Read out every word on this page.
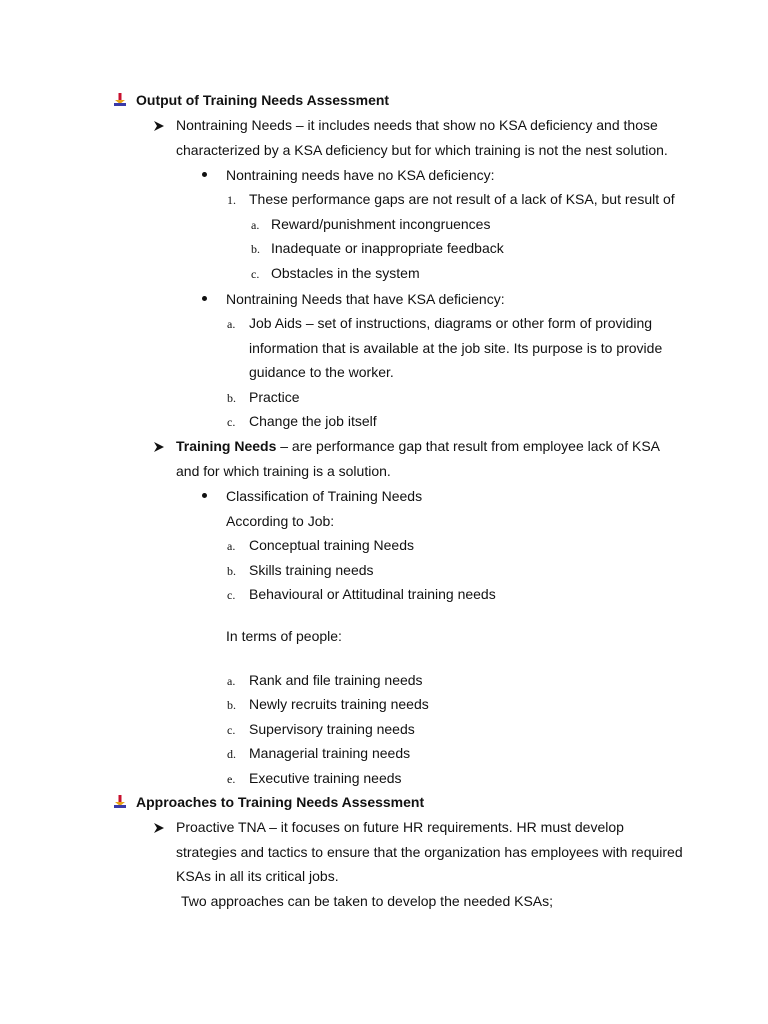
Output of Training Needs Assessment
Nontraining Needs – it includes needs that show no KSA deficiency and those
characterized by a KSA deficiency but for which training is not the nest solution.
Nontraining needs have no KSA deficiency:
1. These performance gaps are not result of a lack of KSA, but result of
a. Reward/punishment incongruences
b. Inadequate or inappropriate feedback
c. Obstacles in the system
Nontraining Needs that have KSA deficiency:
a. Job Aids – set of instructions, diagrams or other form of providing
information that is available at the job site. Its purpose is to provide
guidance to the worker.
b. Practice
c. Change the job itself
Training Needs – are performance gap that result from employee lack of KSA
and for which training is a solution.
Classification of Training Needs
According to Job:
a. Conceptual training Needs
b. Skills training needs
c. Behavioural or Attitudinal training needs
In terms of people:
a. Rank and file training needs
b. Newly recruits training needs
c. Supervisory training needs
d. Managerial training needs
e. Executive training needs
Approaches to Training Needs Assessment
Proactive TNA – it focuses on future HR requirements. HR must develop
strategies and tactics to ensure that the organization has employees with required
KSAs in all its critical jobs.
Two approaches can be taken to develop the needed KSAs;
